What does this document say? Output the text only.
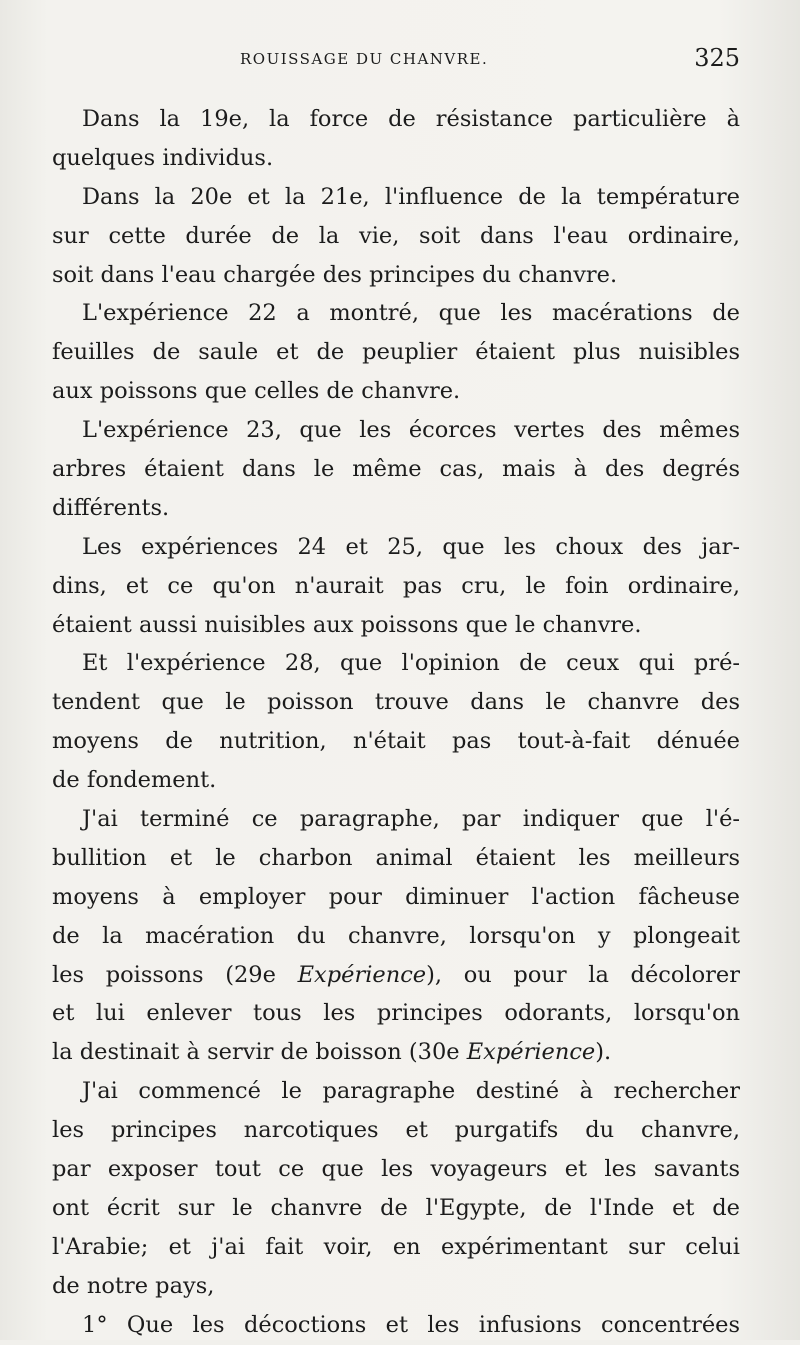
ROUISSAGE DU CHANVRE.	325
Dans la 19e, la force de résistance particulière à
quelques individus.
Dans la 20e et la 21e, l'influence de la température
sur cette durée de la vie, soit dans l'eau ordinaire,
soit dans l'eau chargée des principes du chanvre.
L'expérience 22 a montré, que les macérations de
feuilles de saule et de peuplier étaient plus nuisibles
aux poissons que celles de chanvre.
L'expérience 23, que les écorces vertes des mêmes
arbres étaient dans le même cas, mais à des degrés
différents.
Les expériences 24 et 25, que les choux des jar-
dins, et ce qu'on n'aurait pas cru, le foin ordinaire,
étaient aussi nuisibles aux poissons que le chanvre.
Et l'expérience 28, que l'opinion de ceux qui pré-
tendent que le poisson trouve dans le chanvre des
moyens de nutrition, n'était pas tout-à-fait dénuée
de fondement.
J'ai terminé ce paragraphe, par indiquer que l'é-
bullition et le charbon animal étaient les meilleurs
moyens à employer pour diminuer l'action fâcheuse
de la macération du chanvre, lorsqu'on y plongeait
les poissons (29e Expérience), ou pour la décolorer
et lui enlever tous les principes odorants, lorsqu'on
la destinait à servir de boisson (30e Expérience).
J'ai commencé le paragraphe destiné à rechercher
les principes narcotiques et purgatifs du chanvre,
par exposer tout ce que les voyageurs et les savants
ont écrit sur le chanvre de l'Egypte, de l'Inde et de
l'Arabie; et j'ai fait voir, en expérimentant sur celui
de notre pays,
1° Que les décoctions et les infusions concentrées
